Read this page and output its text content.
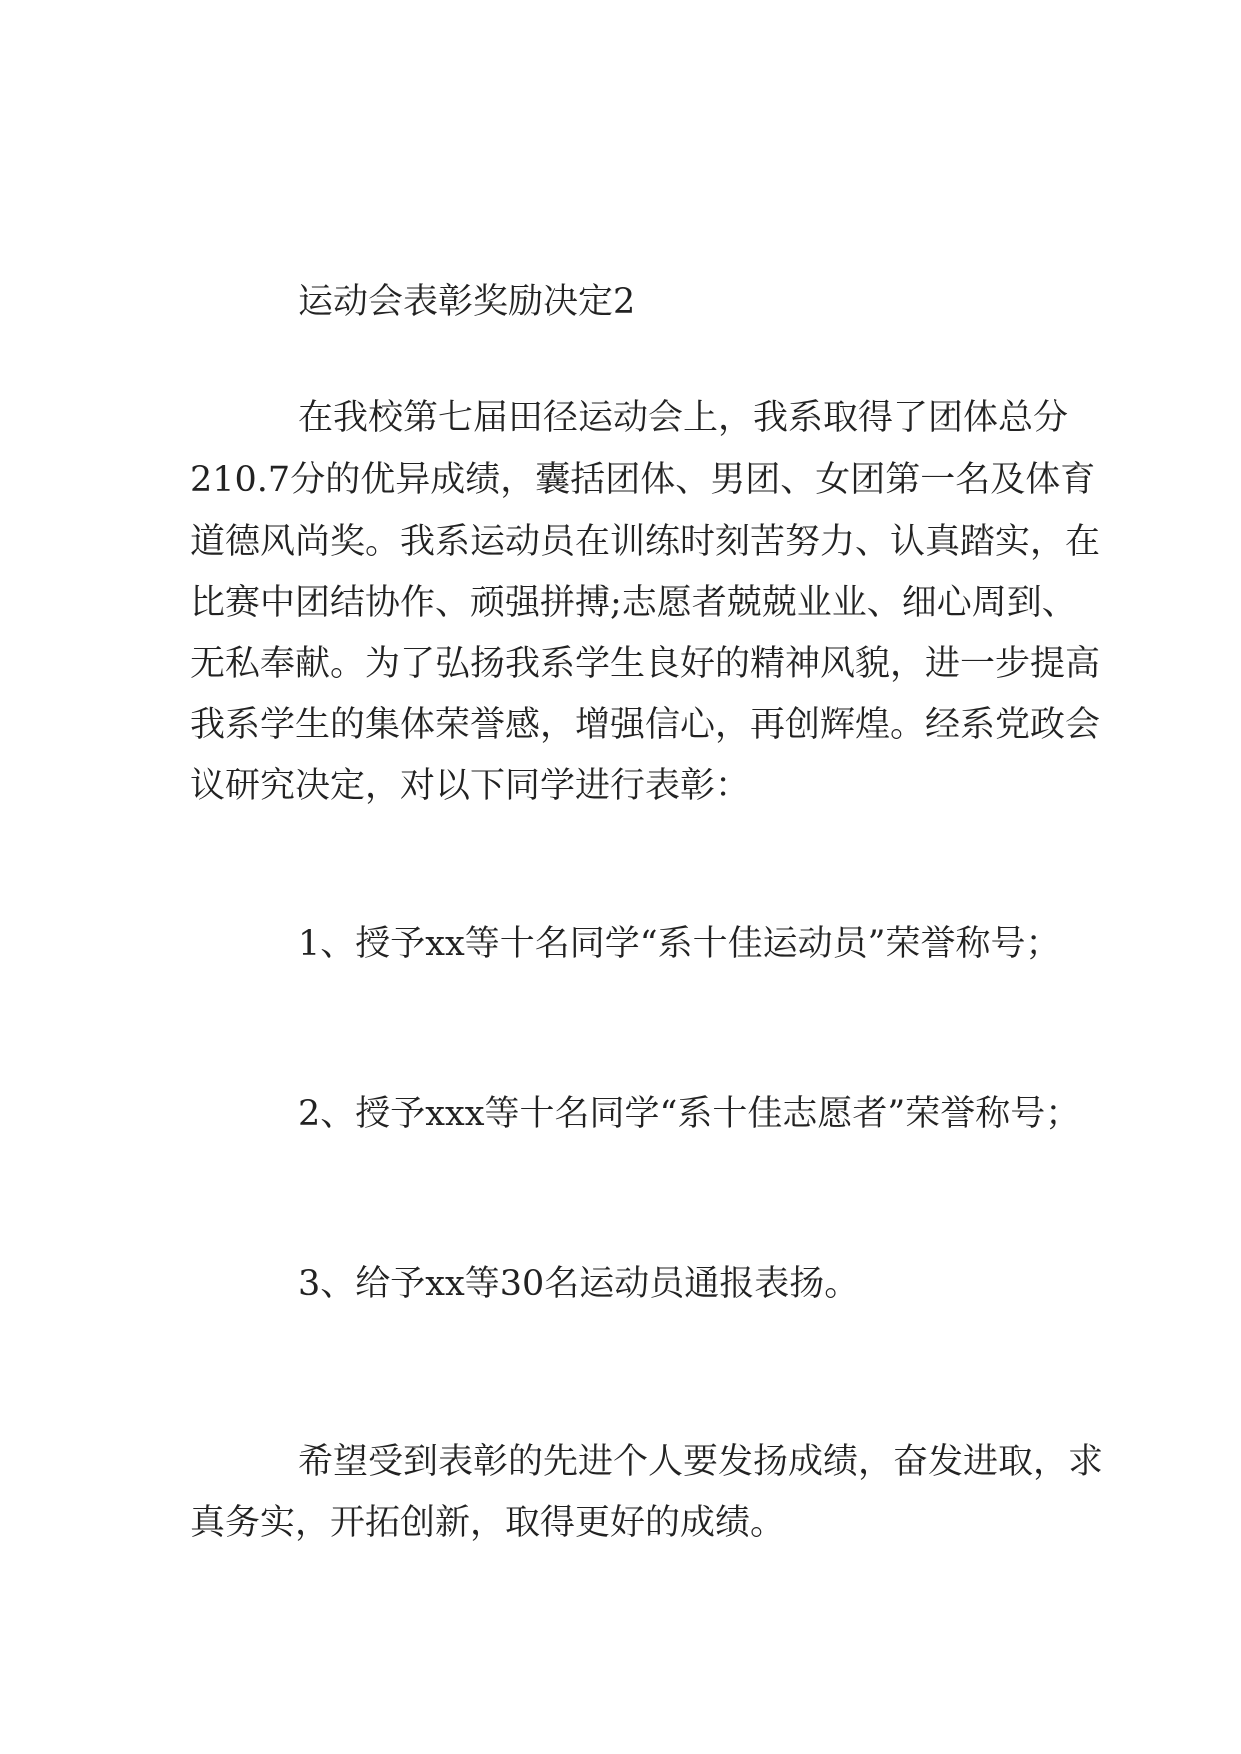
运动会表彰奖励决定2
在我校第七届田径运动会上，我系取得了团体总分
210.7分的优异成绩，囊括团体、男团、女团第一名及体育
道德风尚奖。我系运动员在训练时刻苦努力、认真踏实，在
比赛中团结协作、顽强拼搏;志愿者兢兢业业、细心周到、
无私奉献。为了弘扬我系学生良好的精神风貌，进一步提高
我系学生的集体荣誉感，增强信心，再创辉煌。经系党政会
议研究决定，对以下同学进行表彰：
1、授予xx等十名同学“系十佳运动员”荣誉称号；
2、授予xxx等十名同学“系十佳志愿者”荣誉称号；
3、给予xx等30名运动员通报表扬。
希望受到表彰的先进个人要发扬成绩，奋发进取，求
真务实，开拓创新，取得更好的成绩。
